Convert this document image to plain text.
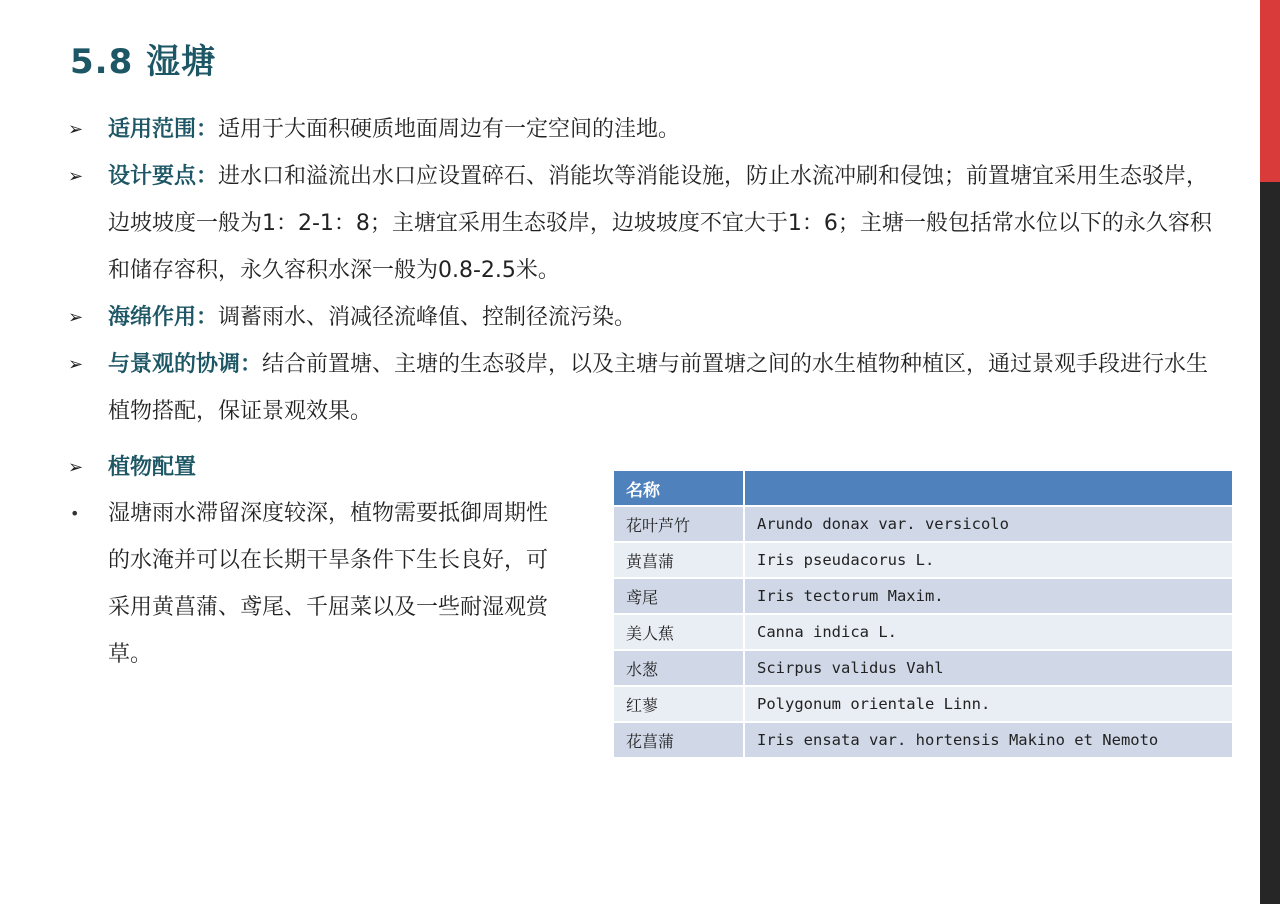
5.8 湿塘
➢	适用范围：适用于大面积硬质地面周边有一定空间的洼地。
➢	设计要点：进水口和溢流出水口应设置碎石、消能坎等消能设施，防止水流冲刷和侵蚀；前置塘宜采用生态驳岸，边坡坡度一般为1：2-1：8；主塘宜采用生态驳岸，边坡坡度不宜大于1：6；主塘一般包括常水位以下的永久容积和储存容积，永久容积水深一般为0.8-2.5米。
➢	海绵作用：调蓄雨水、消减径流峰值、控制径流污染。
➢	与景观的协调：结合前置塘、主塘的生态驳岸，以及主塘与前置塘之间的水生植物种植区，通过景观手段进行水生植物搭配，保证景观效果。
➢ 植物配置
• 湿塘雨水滞留深度较深，植物需要抵御周期性的水淹并可以在长期干旱条件下生长良好，可采用黄菖蒲、鸢尾、千屈菜以及一些耐湿观赏草。
名称	
花叶芦竹	Arundo donax var. versicolo
黄菖蒲	Iris pseudacorus L.
鸢尾	Iris tectorum Maxim.
美人蕉	Canna indica L.
水葱	Scirpus validus Vahl
红蓼	Polygonum orientale Linn.
花菖蒲	Iris ensata var. hortensis Makino et Nemoto
